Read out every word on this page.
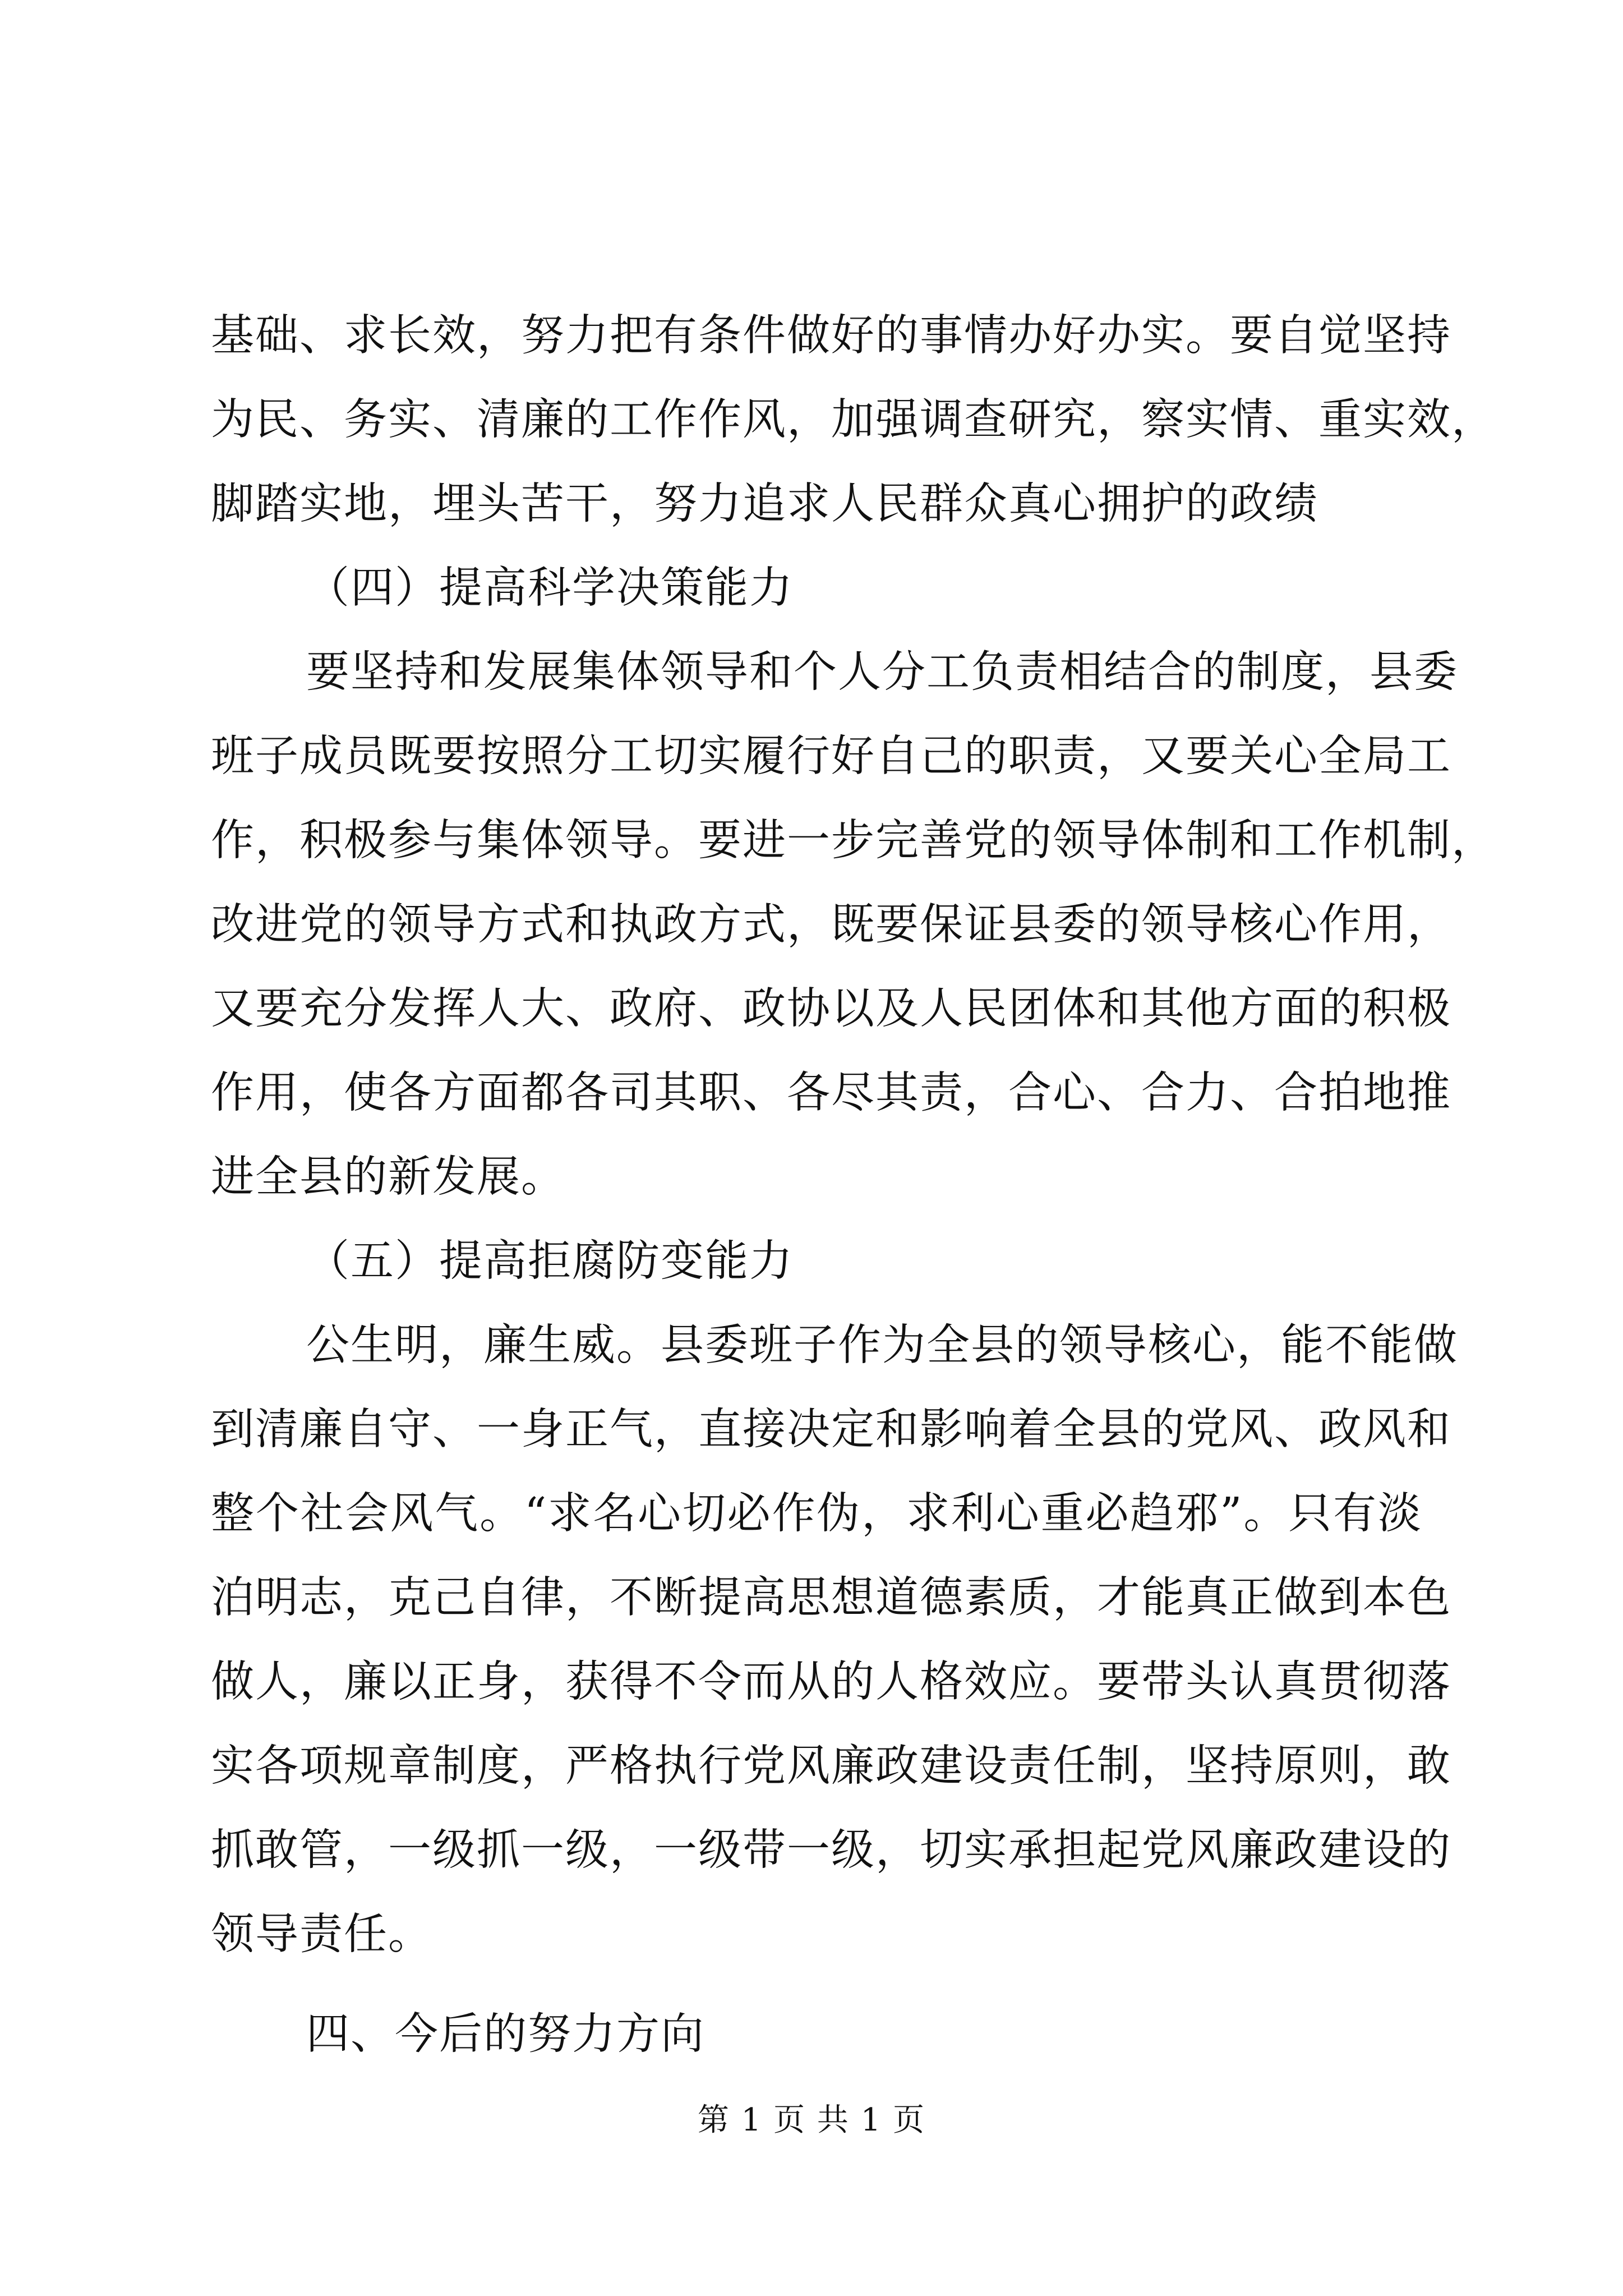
基础、求长效，努力把有条件做好的事情办好办实。要自觉坚持
为民、务实、清廉的工作作风，加强调查研究，察实情、重实效，
脚踏实地，埋头苦干，努力追求人民群众真心拥护的政绩
（四）提高科学决策能力
要坚持和发展集体领导和个人分工负责相结合的制度，县委
班子成员既要按照分工切实履行好自己的职责，又要关心全局工
作，积极参与集体领导。要进一步完善党的领导体制和工作机制，
改进党的领导方式和执政方式，既要保证县委的领导核心作用，
又要充分发挥人大、政府、政协以及人民团体和其他方面的积极
作用，使各方面都各司其职、各尽其责，合心、合力、合拍地推
进全县的新发展。
（五）提高拒腐防变能力
公生明，廉生威。县委班子作为全县的领导核心，能不能做
到清廉自守、一身正气，直接决定和影响着全县的党风、政风和
整个社会风气。“求名心切必作伪，求利心重必趋邪”。只有淡
泊明志，克己自律，不断提高思想道德素质，才能真正做到本色
做人，廉以正身，获得不令而从的人格效应。要带头认真贯彻落
实各项规章制度，严格执行党风廉政建设责任制，坚持原则，敢
抓敢管，一级抓一级，一级带一级，切实承担起党风廉政建设的
领导责任。
四、今后的努力方向
第 1 页 共 1 页
